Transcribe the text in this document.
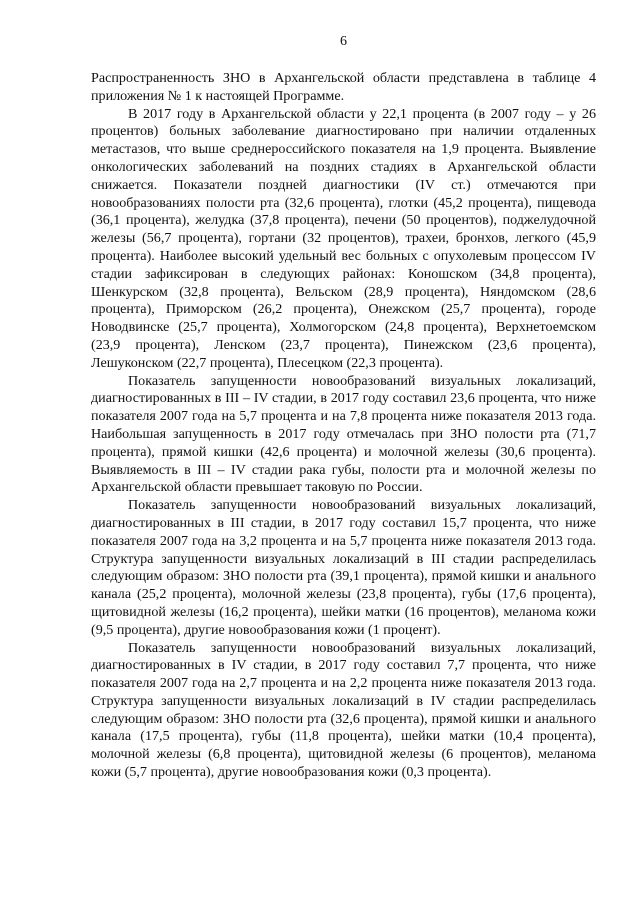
6

Распространенность ЗНО в Архангельской области представлена в таблице 4 приложения № 1 к настоящей Программе.

В 2017 году в Архангельской области у 22,1 процента (в 2007 году – у 26 процентов) больных заболевание диагностировано при наличии отдаленных метастазов, что выше среднероссийского показателя на 1,9 процента. Выявление онкологических заболеваний на поздних стадиях в Архангельской области снижается. Показатели поздней диагностики (IV ст.) отмечаются при новообразованиях полости рта (32,6 процента), глотки (45,2 процента), пищевода (36,1 процента), желудка (37,8 процента), печени (50 процентов), поджелудочной железы (56,7 процента), гортани (32 процентов), трахеи, бронхов, легкого (45,9 процента). Наиболее высокий удельный вес больных с опухолевым процессом IV стадии зафиксирован в следующих районах: Коношском (34,8 процента), Шенкурском (32,8 процента), Вельском (28,9 процента), Няндомском (28,6 процента), Приморском (26,2 процента), Онежском (25,7 процента), городе Новодвинске (25,7 процента), Холмогорском (24,8 процента), Верхнетоемском (23,9 процента), Ленском (23,7 процента), Пинежском (23,6 процента), Лешуконском (22,7 процента), Плесецком (22,3 процента).

Показатель запущенности новообразований визуальных локализаций, диагностированных в III – IV стадии, в 2017 году составил 23,6 процента, что ниже показателя 2007 года на 5,7 процента и на 7,8 процента ниже показателя 2013 года. Наибольшая запущенность в 2017 году отмечалась при ЗНО полости рта (71,7 процента), прямой кишки (42,6 процента) и молочной железы (30,6 процента). Выявляемость в III – IV стадии рака губы, полости рта и молочной железы по Архангельской области превышает таковую по России.

Показатель запущенности новообразований визуальных локализаций, диагностированных в III стадии, в 2017 году составил 15,7 процента, что ниже показателя 2007 года на 3,2 процента и на 5,7 процента ниже показателя 2013 года. Структура запущенности визуальных локализаций в III стадии распределилась следующим образом: ЗНО полости рта (39,1 процента), прямой кишки и анального канала (25,2 процента), молочной железы (23,8 процента), губы (17,6 процента), щитовидной железы (16,2 процента), шейки матки (16 процентов), меланома кожи (9,5 процента), другие новообразования кожи (1 процент).

Показатель запущенности новообразований визуальных локализаций, диагностированных в IV стадии, в 2017 году составил 7,7 процента, что ниже показателя 2007 года на 2,7 процента и на 2,2 процента ниже показателя 2013 года. Структура запущенности визуальных локализаций в IV стадии распределилась следующим образом: ЗНО полости рта (32,6 процента), прямой кишки и анального канала (17,5 процента), губы (11,8 процента), шейки матки (10,4 процента), молочной железы (6,8 процента), щитовидной железы (6 процентов), меланома кожи (5,7 процента), другие новообразования кожи (0,3 процента).
